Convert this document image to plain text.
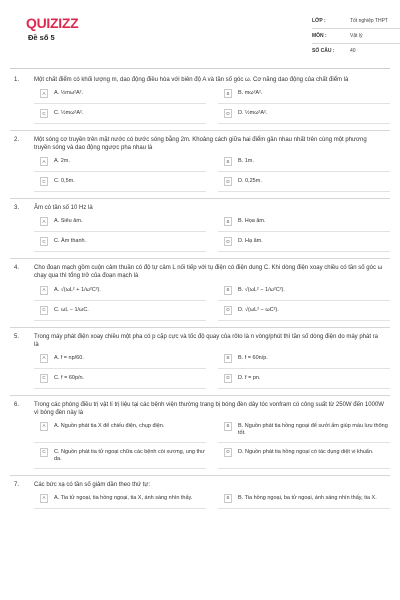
QUIZIZZ
Đề số 5
LỚP :	Tốt nghiệp THPT
MÔN :	Vật lý
SỐ CÂU :	40
1. Một chất điểm có khối lượng m, dao động điều hòa với biên độ A và tần số góc ω. Cơ năng dao động của chất điểm là
A	A. ½mω²A².	B	B. mω²A².
C	C. ½mω²A².	D	D. ½mω²A².
2. Một sóng cơ truyền trên mặt nước có bước sóng bằng 2m. Khoảng cách giữa hai điểm gần nhau nhất trên cùng một phương truyền sóng và dao động ngược pha nhau là
A	A. 2m.	B	B. 1m.
C	C. 0,5m.	D	D. 0,25m.
3. Âm có tần số 10 Hz là
A	A. Siêu âm.	B	B. Họa âm.
C	C. Âm thanh.	D	D. Hạ âm.
4. Cho đoạn mạch gồm cuộn cảm thuần có độ tự cảm L nối tiếp với tụ điện có điện dung C. Khi dòng điện xoay chiều có tần số góc ω chạy qua thì tổng trở của đoạn mạch là
A	A. √(ωL² + 1/ω²C²).	B	B. √(ωL² − 1/ω²C²).
C	C. ωL − 1/ωC.	D	D. √(ωL² − ωC²).
5. Trong máy phát điện xoay chiều một pha có p cặp cực và tốc độ quay của rôto là n vòng/phút thì tần số dòng điện do máy phát ra là
A	A. f = np/60.	B	B. f = 60n/p.
C	C. f = 60p/n.	D	D. f = pn.
6. Trong các phòng điều trị vật lí trị liệu tại các bệnh viện thường trang bị bóng đèn dây tóc vonfram có công suất từ 250W đến 1000W vì bóng đèn này là
A	A. Nguồn phát tia X để chiếu điện, chụp điện.	B	B. Nguồn phát tia hồng ngoại để sưởi ấm giúp máu lưu thông tốt.
C	C. Nguồn phát tia tử ngoại chữa các bệnh còi xương, ung thư da.
D	D. Nguồn phát tia hồng ngoại có tác dụng diệt vi khuẩn.
7. Các bức xạ có tần số giảm dần theo thứ tự:
A	A. Tia tử ngoại, tia hồng ngoại, tia X, ánh sáng nhìn thấy.	B	B. Tia hồng ngoại, ba tử ngoại, ánh sáng nhìn thấy, tia X.
